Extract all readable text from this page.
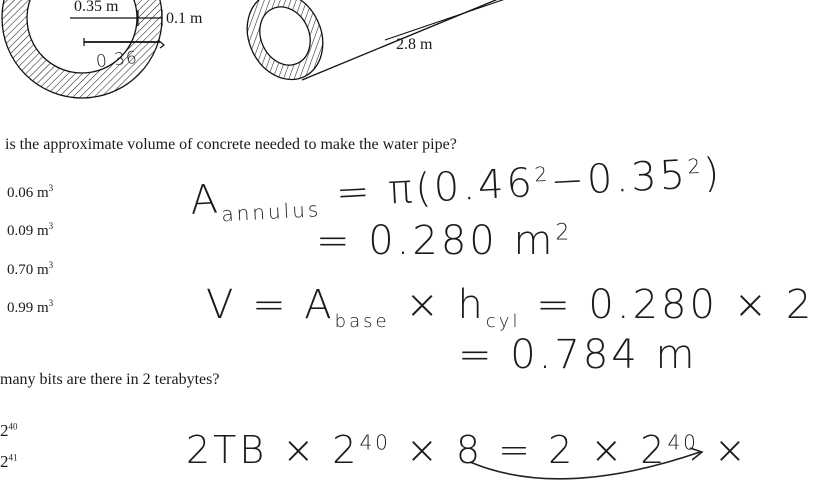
0.35 m
0.1 m
0.36
2.8 m
is the approximate volume of concrete needed to make the water pipe?
0.06 $m^3$
0.09 $m^3$
0.70 $m^3$
0.99 $m^3$
$A_{annulus} = \pi(0.46^2-0.35^2)$
= 0.280 $m^2$
$V = A_{base} \times h_{cyl} = 0.280 \times 2$
= 0.784 m
many bits are there in 2 terabytes?
$2^{40}$
$2^{41}$	$2TB \times 2^{40} \times 8 = 2 \times 2^{40}$ ×
